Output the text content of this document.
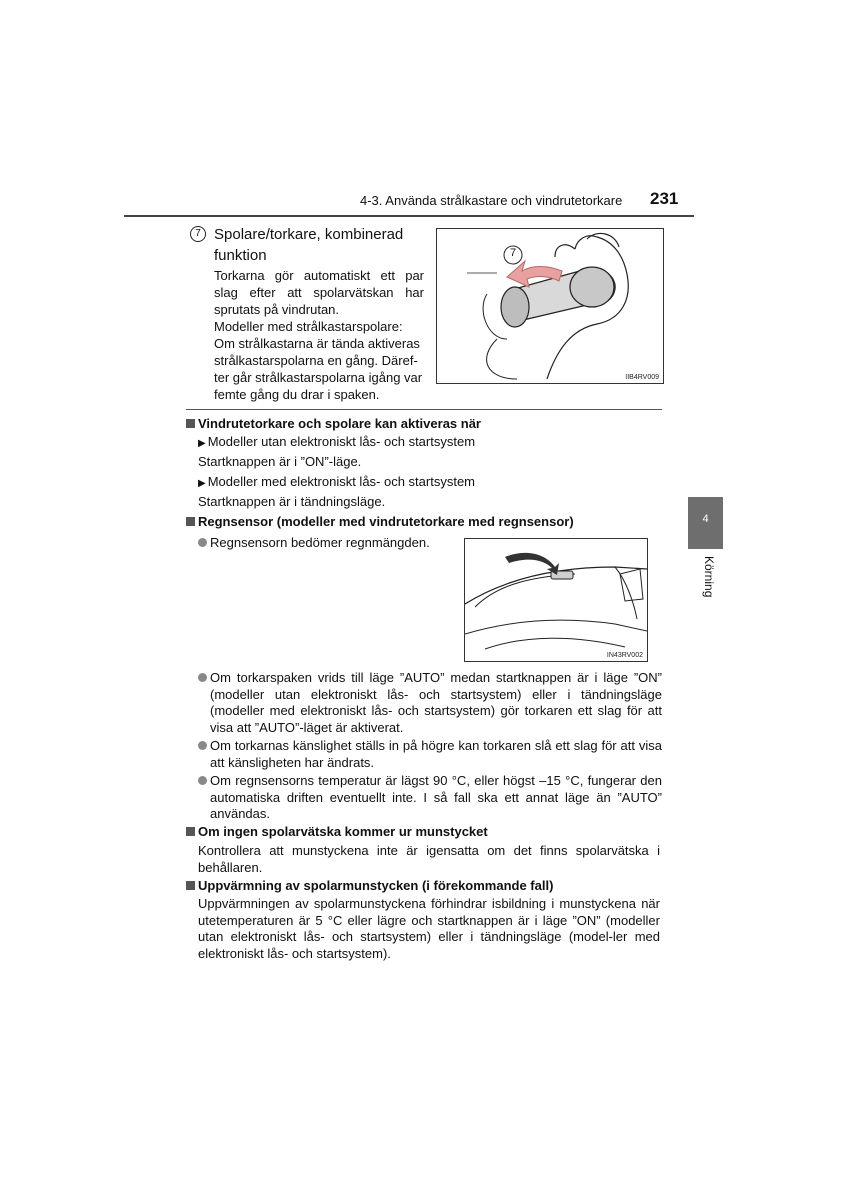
4-3. Använda strålkastare och vindrutetorkare 231
7 Spolare/torkare, kombinerad funktion
Torkarna gör automatiskt ett par slag efter att spolarvätskan har sprutats på vindrutan.
Modeller med strålkastarspolare: Om strålkastarna är tända aktiveras strålkastarspolarna en gång. Däref-ter går strålkastarspolarna igång var femte gång du drar i spaken.
7
IIB4RV009
Vindrutetorkare och spolare kan aktiveras när
▶ Modeller utan elektroniskt lås- och startsystem
Startknappen är i ”ON”-läge.
▶ Modeller med elektroniskt lås- och startsystem
Startknappen är i tändningsläge.
Regnsensor (modeller med vindrutetorkare med regnsensor)
Regnsensorn bedömer regnmängden.
IN43RV002
Om torkarspaken vrids till läge ”AUTO” medan startknappen är i läge ”ON” (modeller utan elektroniskt lås- och startsystem) eller i tändningsläge (modeller med elektroniskt lås- och startsystem) gör torkaren ett slag för att visa att ”AUTO”-läget är aktiverat.
Om torkarnas känslighet ställs in på högre kan torkaren slå ett slag för att visa att känsligheten har ändrats.
Om regnsensorns temperatur är lägst 90 °C, eller högst –15 °C, fungerar den automatiska driften eventuellt inte. I så fall ska ett annat läge än ”AUTO” användas.
Om ingen spolarvätska kommer ur munstycket
Kontrollera att munstyckena inte är igensatta om det finns spolarvätska i behållaren.
Uppvärmning av spolarmunstycken (i förekommande fall)
Uppvärmningen av spolarmunstyckena förhindrar isbildning i munstyckena när utetemperaturen är 5 °C eller lägre och startknappen är i läge ”ON” (modeller utan elektroniskt lås- och startsystem) eller i tändningsläge (model-ler med elektroniskt lås- och startsystem).
4
Körning
